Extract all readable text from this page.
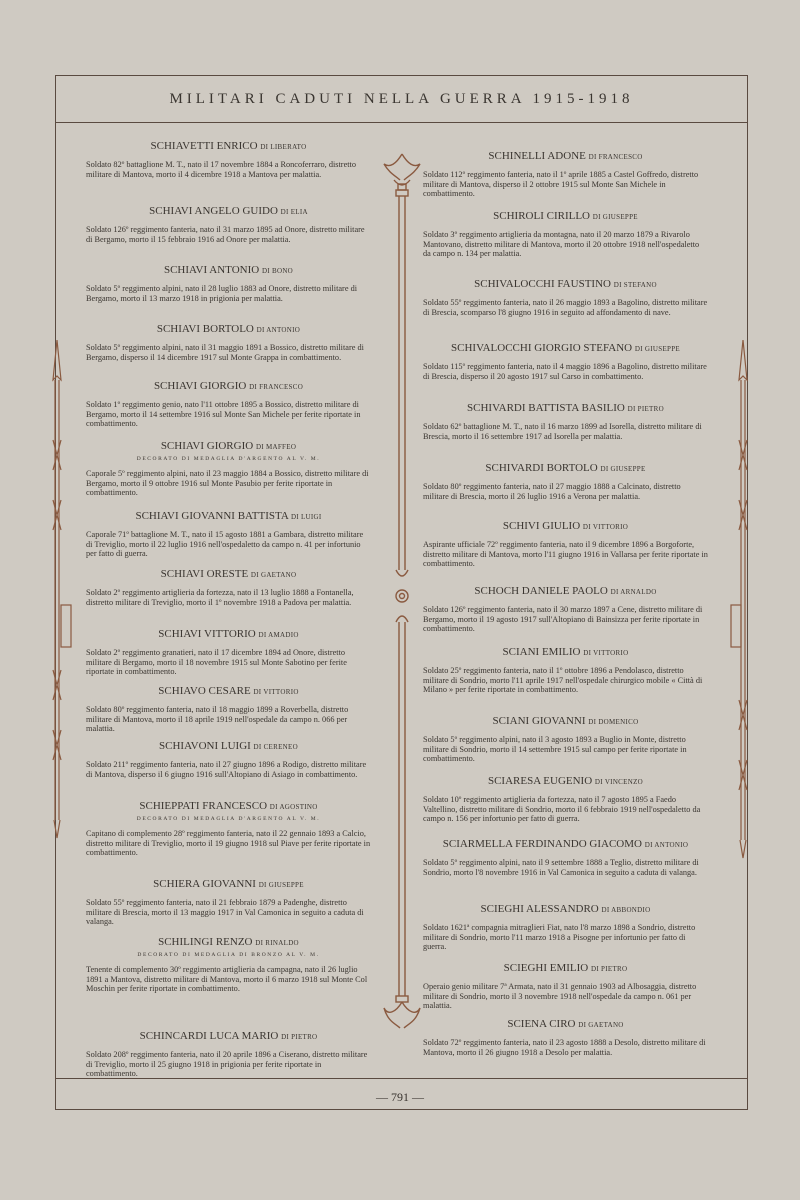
MILITARI CADUTI NELLA GUERRA 1915-1918
SCHIAVETTI ENRICO DI LIBERATO
Soldato 82º battaglione M. T., nato il 17 novembre 1884 a Roncoferraro, distretto militare di Mantova, morto il 4 dicembre 1918 a Mantova per malattia.
SCHIAVI ANGELO GUIDO DI ELIA
Soldato 126º reggimento fanteria, nato il 31 marzo 1895 ad Onore, distretto militare di Bergamo, morto il 15 febbraio 1916 ad Onore per malattia.
SCHIAVI ANTONIO DI BONO
Soldato 5º reggimento alpini, nato il 28 luglio 1883 ad Onore, distretto militare di Bergamo, morto il 13 marzo 1918 in prigionia per malattia.
SCHIAVI BORTOLO DI ANTONIO
Soldato 5º reggimento alpini, nato il 31 maggio 1891 a Bossico, distretto militare di Bergamo, disperso il 14 dicembre 1917 sul Monte Grappa in combattimento.
SCHIAVI GIORGIO DI FRANCESCO
Soldato 1º reggimento genio, nato l'11 ottobre 1895 a Bossico, distretto militare di Bergamo, morto il 14 settembre 1916 sul Monte San Michele per ferite riportate in combattimento.
SCHIAVI GIORGIO DI MAFFEO
DECORATO DI MEDAGLIA D'ARGENTO AL V. M.
Caporale 5º reggimento alpini, nato il 23 maggio 1884 a Bossico, distretto militare di Bergamo, morto il 9 ottobre 1916 sul Monte Pasubio per ferite riportate in combattimento.
SCHIAVI GIOVANNI BATTISTA DI LUIGI
Caporale 71º battaglione M. T., nato il 15 agosto 1881 a Gambara, distretto militare di Treviglio, morto il 22 luglio 1916 nell'ospedaletto da campo n. 41 per infortunio per fatto di guerra.
SCHIAVI ORESTE DI GAETANO
Soldato 2º reggimento artiglieria da fortezza, nato il 13 luglio 1888 a Fontanella, distretto militare di Treviglio, morto il 1º novembre 1918 a Padova per malattia.
SCHIAVI VITTORIO DI AMADIO
Soldato 2º reggimento granatieri, nato il 17 dicembre 1894 ad Onore, distretto militare di Bergamo, morto il 18 novembre 1915 sul Monte Sabotino per ferite riportate in combattimento.
SCHIAVO CESARE DI VITTORIO
Soldato 80º reggimento fanteria, nato il 18 maggio 1899 a Roverbella, distretto militare di Mantova, morto il 18 aprile 1919 nell'ospedale da campo n. 066 per malattia.
SCHIAVONI LUIGI DI CERENEO
Soldato 211º reggimento fanteria, nato il 27 giugno 1896 a Rodigo, distretto militare di Mantova, disperso il 6 giugno 1916 sull'Altopiano di Asiago in combattimento.
SCHIEPPATI FRANCESCO DI AGOSTINO
DECORATO DI MEDAGLIA D'ARGENTO AL V. M.
Capitano di complemento 28º reggimento fanteria, nato il 22 gennaio 1893 a Calcio, distretto militare di Treviglio, morto il 19 giugno 1918 sul Piave per ferite riportate in combattimento.
SCHIERA GIOVANNI DI GIUSEPPE
Soldato 55º reggimento fanteria, nato il 21 febbraio 1879 a Padenghe, distretto militare di Brescia, morto il 13 maggio 1917 in Val Camonica in seguito a caduta di valanga.
SCHILINGI RENZO DI RINALDO
DECORATO DI MEDAGLIA DI BRONZO AL V. M.
Tenente di complemento 30º reggimento artiglieria da campagna, nato il 26 luglio 1891 a Mantova, distretto militare di Mantova, morto il 6 marzo 1918 sul Monte Col Moschin per ferite riportate in combattimento.
SCHINCARDI LUCA MARIO DI PIETRO
Soldato 208º reggimento fanteria, nato il 20 aprile 1896 a Ciserano, distretto militare di Treviglio, morto il 25 giugno 1918 in prigionia per ferite riportate in combattimento.
SCHINELLI ADONE DI FRANCESCO
Soldato 112º reggimento fanteria, nato il 1º aprile 1885 a Castel Goffredo, distretto militare di Mantova, disperso il 2 ottobre 1915 sul Monte San Michele in combattimento.
SCHIROLI CIRILLO DI GIUSEPPE
Soldato 3º reggimento artiglieria da montagna, nato il 20 marzo 1879 a Rivarolo Mantovano, distretto militare di Mantova, morto il 20 ottobre 1918 nell'ospedaletto da campo n. 134 per malattia.
SCHIVALOCCHI FAUSTINO DI STEFANO
Soldato 55º reggimento fanteria, nato il 26 maggio 1893 a Bagolino, distretto militare di Brescia, scomparso l'8 giugno 1916 in seguito ad affondamento di nave.
SCHIVALOCCHI GIORGIO STEFANO DI GIUSEPPE
Soldato 115º reggimento fanteria, nato il 4 maggio 1896 a Bagolino, distretto militare di Brescia, disperso il 20 agosto 1917 sul Carso in combattimento.
SCHIVARDI BATTISTA BASILIO DI PIETRO
Soldato 62º battaglione M. T., nato il 16 marzo 1899 ad Isorella, distretto militare di Brescia, morto il 16 settembre 1917 ad Isorella per malattia.
SCHIVARDI BORTOLO DI GIUSEPPE
Soldato 80º reggimento fanteria, nato il 27 maggio 1888 a Calcinato, distretto militare di Brescia, morto il 26 luglio 1916 a Verona per malattia.
SCHIVI GIULIO DI VITTORIO
Aspirante ufficiale 72º reggimento fanteria, nato il 9 dicembre 1896 a Borgoforte, distretto militare di Mantova, morto l'11 giugno 1916 in Vallarsa per ferite riportate in combattimento.
SCHOCH DANIELE PAOLO DI ARNALDO
Soldato 126º reggimento fanteria, nato il 30 marzo 1897 a Cene, distretto militare di Bergamo, morto il 19 agosto 1917 sull'Altopiano di Bainsizza per ferite riportate in combattimento.
SCIANI EMILIO DI VITTORIO
Soldato 25º reggimento fanteria, nato il 1º ottobre 1896 a Pendolasco, distretto militare di Sondrio, morto l'11 aprile 1917 nell'ospedale chirurgico mobile « Città di Milano » per ferite riportate in combattimento.
SCIANI GIOVANNI DI DOMENICO
Soldato 5º reggimento alpini, nato il 3 agosto 1893 a Buglio in Monte, distretto militare di Sondrio, morto il 14 settembre 1915 sul campo per ferite riportate in combattimento.
SCIARESA EUGENIO DI VINCENZO
Soldato 10º reggimento artiglieria da fortezza, nato il 7 agosto 1895 a Faedo Valtellino, distretto militare di Sondrio, morto il 6 febbraio 1919 nell'ospedaletto da campo n. 156 per infortunio per fatto di guerra.
SCIARMELLA FERDINANDO GIACOMO DI ANTONIO
Soldato 5º reggimento alpini, nato il 9 settembre 1888 a Teglio, distretto militare di Sondrio, morto l'8 novembre 1916 in Val Camonica in seguito a caduta di valanga.
SCIEGHI ALESSANDRO DI ABBONDIO
Soldato 1621ª compagnia mitraglieri Fiat, nato l'8 marzo 1898 a Sondrio, distretto militare di Sondrio, morto l'11 marzo 1918 a Pisogne per infortunio per fatto di guerra.
SCIEGHI EMILIO DI PIETRO
Operaio genio militare 7ª Armata, nato il 31 gennaio 1903 ad Albosaggia, distretto militare di Sondrio, morto il 3 novembre 1918 nell'ospedale da campo n. 061 per malattia.
SCIENA CIRO DI GAETANO
Soldato 72º reggimento fanteria, nato il 23 agosto 1888 a Desolo, distretto militare di Mantova, morto il 26 giugno 1918 a Desolo per malattia.
— 791 —
